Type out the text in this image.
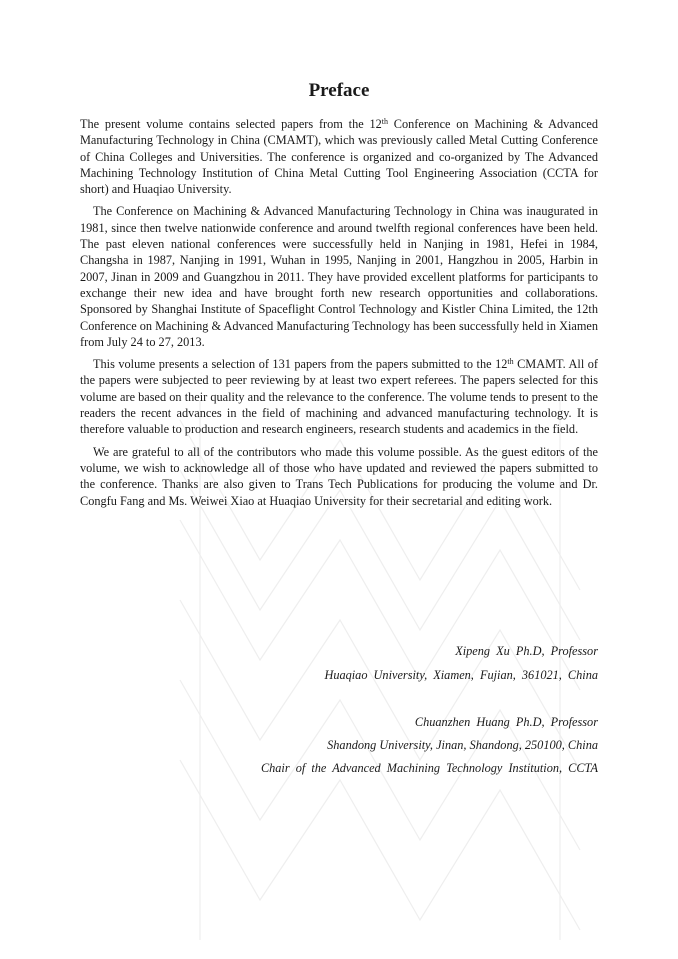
Preface

The present volume contains selected papers from the 12th Conference on Machining & Advanced Manufacturing Technology in China (CMAMT), which was previously called Metal Cutting Conference of China Colleges and Universities. The conference is organized and co-organized by The Advanced Machining Technology Institution of China Metal Cutting Tool Engineering Association (CCTA for short) and Huaqiao University.

The Conference on Machining & Advanced Manufacturing Technology in China was inaugurated in 1981, since then twelve nationwide conference and around twelfth regional conferences have been held. The past eleven national conferences were successfully held in Nanjing in 1981, Hefei in 1984, Changsha in 1987, Nanjing in 1991, Wuhan in 1995, Nanjing in 2001, Hangzhou in 2005, Harbin in 2007, Jinan in 2009 and Guangzhou in 2011. They have provided excellent platforms for participants to exchange their new idea and have brought forth new research opportunities and collaborations. Sponsored by Shanghai Institute of Spaceflight Control Technology and Kistler China Limited, the 12th Conference on Machining & Advanced Manufacturing Technology has been successfully held in Xiamen from July 24 to 27, 2013.

This volume presents a selection of 131 papers from the papers submitted to the 12th CMAMT. All of the papers were subjected to peer reviewing by at least two expert referees. The papers selected for this volume are based on their quality and the relevance to the conference. The volume tends to present to the readers the recent advances in the field of machining and advanced manufacturing technology. It is therefore valuable to production and research engineers, research students and academics in the field.

We are grateful to all of the contributors who made this volume possible. As the guest editors of the volume, we wish to acknowledge all of those who have updated and reviewed the papers submitted to the conference. Thanks are also given to Trans Tech Publications for producing the volume and Dr. Congfu Fang and Ms. Weiwei Xiao at Huaqiao University for their secretarial and editing work.

Xipeng Xu Ph.D, Professor
Huaqiao University, Xiamen, Fujian, 361021, China
Chuanzhen Huang Ph.D, Professor
Shandong University, Jinan, Shandong, 250100, China
Chair of the Advanced Machining Technology Institution, CCTA
